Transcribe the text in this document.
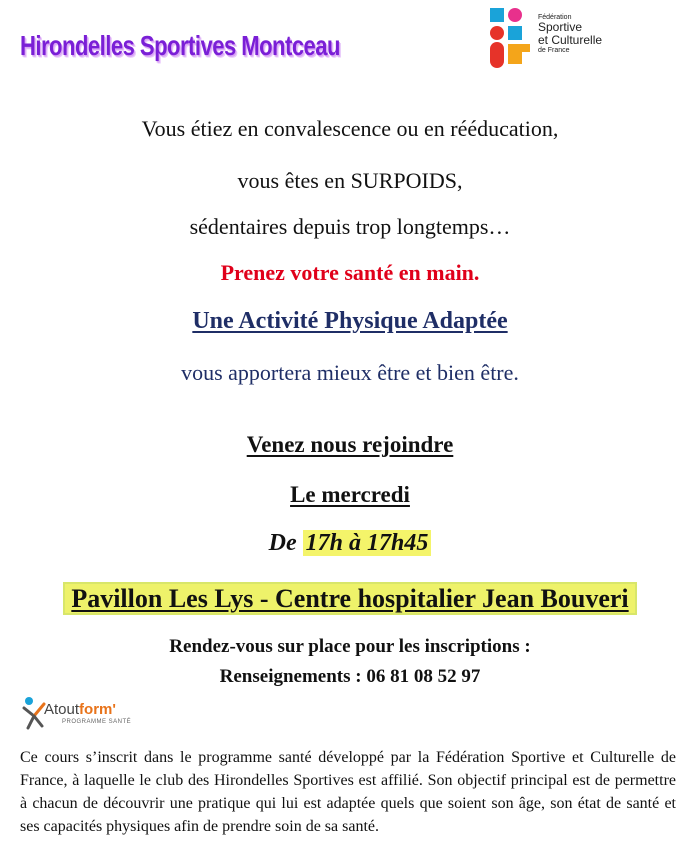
Hirondelles Sportives Montceau
Fédération
Sportive
et Culturelle
de France
Vous étiez en convalescence ou en rééducation,
vous êtes en SURPOIDS,
sédentaires depuis trop longtemps…
Prenez votre santé en main.
Une Activité Physique Adaptée
vous apportera mieux être et bien être.
Venez nous rejoindre
Le mercredi
De 17h à 17h45
Pavillon Les Lys - Centre hospitalier Jean Bouveri
Rendez-vous sur place pour les inscriptions :
Renseignements : 06 81 08 52 97
Atoutform'
PROGRAMME SANTÉ
Ce cours s’inscrit dans le programme santé développé par la Fédération Sportive et Culturelle de France, à laquelle le club des Hirondelles Sportives est affilié. Son objectif principal est de permettre à chacun de découvrir une pratique qui lui est adaptée quels que soient son âge, son état de santé et ses capacités physiques afin de prendre soin de sa santé.
